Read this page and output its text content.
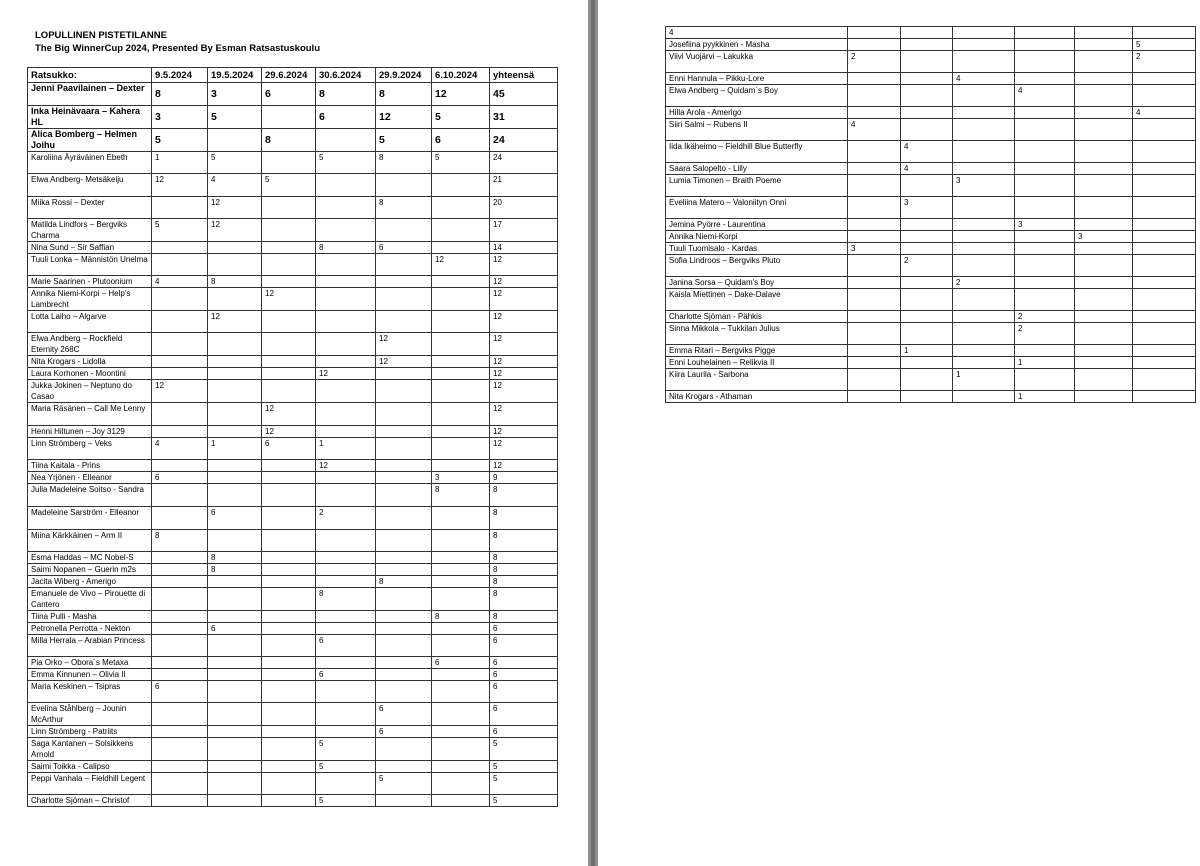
LOPULLINEN PISTETILANNE
The Big WinnerCup 2024, Presented By Esman Ratsastuskoulu
Ratsukko:	9.5.2024	19.5.2024	29.6.2024	30.6.2024	29.9.2024	6.10.2024	yhteensä
Jenni Paavilainen – Dexter	8	3	6	8	8	12	45
Inka Heinävaara – Kahera HL	3	5		6	12	5	31
Alica Bomberg – Helmen Joihu	5		8		5	6	24
Karoliina Äyräväinen Ebeth	1	5		5	8	5	24
Elwa Andberg- Metsäkeiju	12	4	5				21
Miika Rossi – Dexter		12			8		20
Matilda Lindfors – Bergviks Charma	5	12					17
Nina Sund – Sir Saffian				8	6		14
Tuuli Lonka – Männistön Unelma						12	12
Marie Saarinen - Plutoonium	4	8					12
Annika Niemi-Korpi – Help's Lambrecht			12				12
Lotta Laiho – Algarve		12					12
Elwa Andberg – Rockfield Eternity 268C					12		12
Nita Krogars - Lidolla					12		12
Laura Korhonen - Moontini				12			12
Jukka Jokinen – Neptuno do Casao	12						12
Maria Räsänen – Call Me Lenny			12				12
Henni Hiltunen – Joy 3129			12				12
Linn Strömberg – Veks	4	1	6	1			12
Tiina Kaitala - Prins				12			12
Nea Yrjönen - Elleanor	6					3	9
Julia Madeleine Soitso - Sandra						8	8
Madeleine Sarström - Elleanor		6		2			8
Miina Kärkkäinen – Arm II	8						8
Esma Haddas – MC Nobel-S		8					8
Saimi Nopanen – Guerin m2s		8					8
Jacita Wiberg - Amerigo					8		8
Emanuele de Vivo – Pirouette di Cantero				8			8
Tiina Pulli - Masha						8	8
Petronella Perrotta - Nekton		6					6
Milla Herrala – Arabian Princess				6			6
Pia Orko – Obora´s Metaxa						6	6
Emma Kinnunen – Olivia II				6			6
Maria Keskinen – Tsipras	6						6
Evelina Ståhlberg – Jounin McArthur					6		6
Linn Strömberg - Patriits					6		6
Saga Kantanen – Solsikkens Arnold				5			5
Saimi Toikka - Calipso				5			5
Peppi Vanhala – Fieldhill Legent					5		5
Charlotte Sjöman – Christof				5			5
4							
Josefiina pyykkinen - Masha						5	
Viivi Vuojärvi – Lakukka	2					2	
Enni Hannula – Pikku-Lore			4				
Elwa Andberg – Quidam´s Boy				4			
Hilla Arola - Amerigo						4	
Siiri Salmi – Rubens II	4						
Iida Ikäheimo – Fieldhill Blue Butterfly		4					
Saara Salopelto - Lilly		4					
Lumia Timonen – Braith Poeme			3				
Eveliina Matero – Valoniityn Onni		3					
Jemina Pyörre - Laurentina				3			
Annika Niemi-Korpi					3		
Tuuli Tuomisalo - Kardas	3						
Sofia Lindroos – Bergviks Pluto		2					
Janina Sorsa – Quidam's Boy			2				
Kaisla Miettinen – Dake-Dalave							
Charlotte Sjöman - Pähkis				2			
Sinna Mikkola – Tukkilan Julius				2			
Emma Ritari – Bergviks Pigge		1					
Enni Louhelainen – Relikvia II				1			
Kiira Laurila - Sarbona			1				
Nita Krogars - Athaman				1			
